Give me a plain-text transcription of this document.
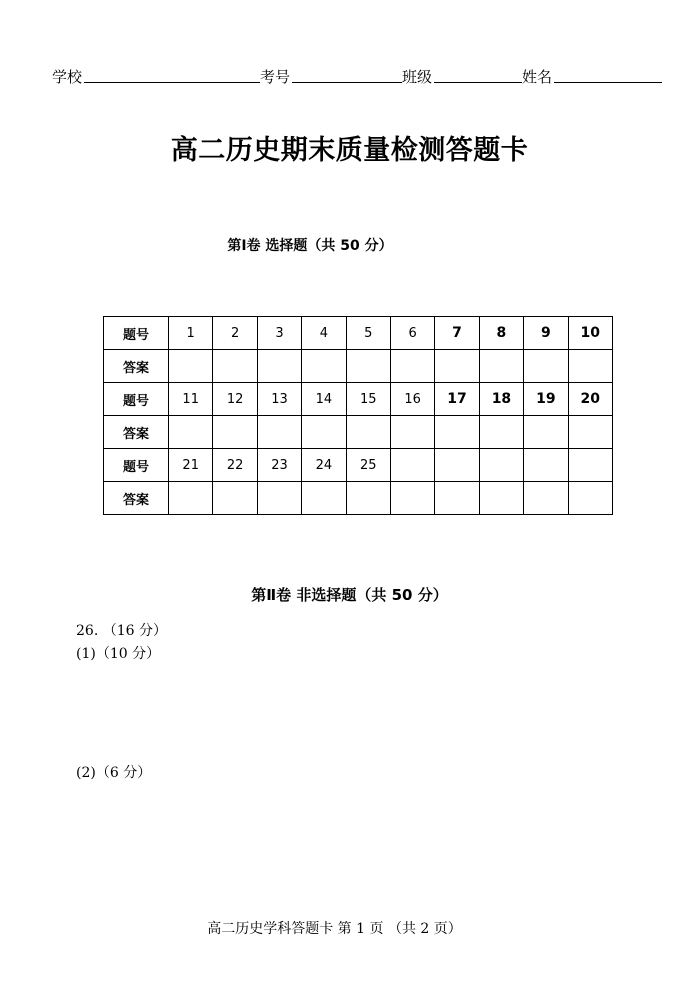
学校	考号	班级	姓名
高二历史期末质量检测答题卡
第Ⅰ卷 选择题（共 50 分）
题号	1	2	3	4	5	6	7	8	9	10
答案										
题号	11	12	13	14	15	16	17	18	19	20
答案										
题号	21	22	23	24	25					
答案										
第Ⅱ卷 非选择题（共 50 分）
26. （16 分）
(1)（10 分）
(2)（6 分）
高二历史学科答题卡 第 1 页 （共 2 页）
